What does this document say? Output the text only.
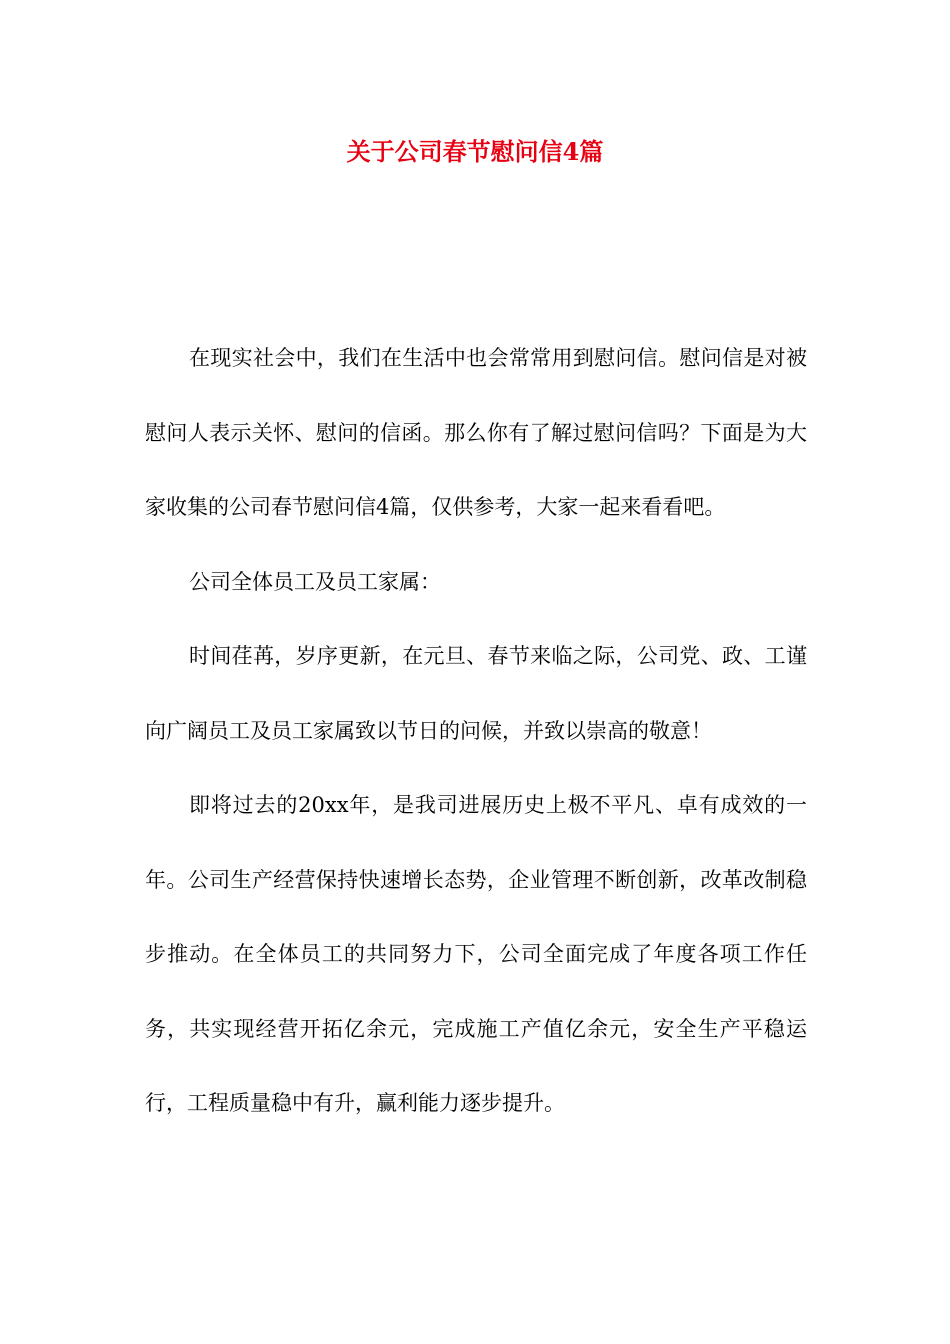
关于公司春节慰问信4篇

在现实社会中，我们在生活中也会常常用到慰问信。慰问信是对被慰问人表示关怀、慰问的信函。那么你有了解过慰问信吗？下面是为大家收集的公司春节慰问信4篇，仅供参考，大家一起来看看吧。

公司全体员工及员工家属：

时间荏苒，岁序更新，在元旦、春节来临之际，公司党、政、工谨向广阔员工及员工家属致以节日的问候，并致以崇高的敬意！

即将过去的20xx年，是我司进展历史上极不平凡、卓有成效的一年。公司生产经营保持快速增长态势，企业管理不断创新，改革改制稳步推动。在全体员工的共同努力下，公司全面完成了年度各项工作任务，共实现经营开拓亿余元，完成施工产值亿余元，安全生产平稳运行，工程质量稳中有升，赢利能力逐步提升。
